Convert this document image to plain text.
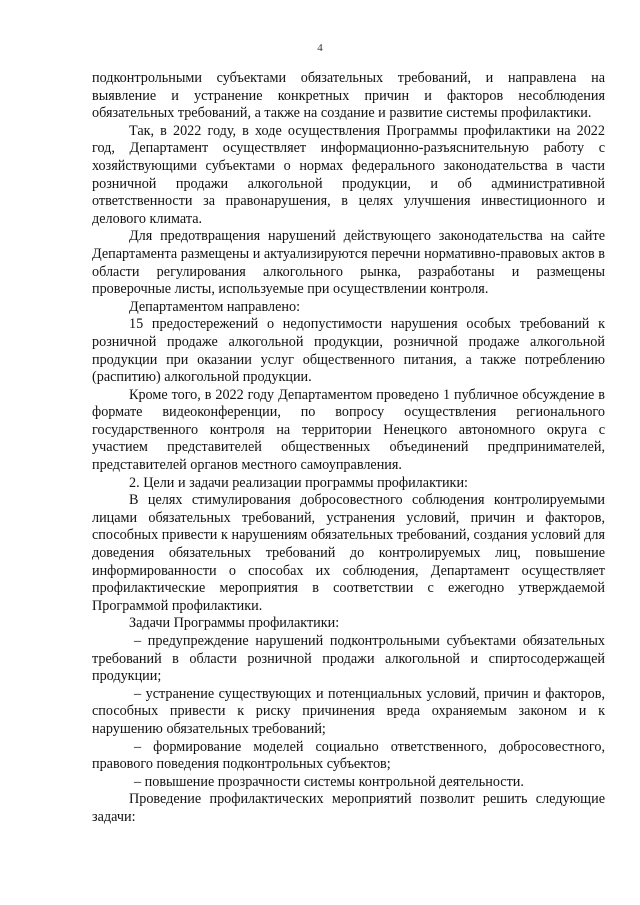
4

подконтрольными субъектами обязательных требований, и направлена на выявление и устранение конкретных причин и факторов несоблюдения обязательных требований, а также на создание и развитие системы профилактики.

Так, в 2022 году, в ходе осуществления Программы профилактики на 2022 год, Департамент осуществляет информационно-разъяснительную работу с хозяйствующими субъектами о нормах федерального законодательства в части розничной продажи алкогольной продукции, и об административной ответственности за правонарушения, в целях улучшения инвестиционного и делового климата.

Для предотвращения нарушений действующего законодательства на сайте Департамента размещены и актуализируются перечни нормативно-правовых актов в области регулирования алкогольного рынка, разработаны и размещены проверочные листы, используемые при осуществлении контроля.

Департаментом направлено:

15 предостережений о недопустимости нарушения особых требований к розничной продаже алкогольной продукции, розничной продаже алкогольной продукции при оказании услуг общественного питания, а также потреблению (распитию) алкогольной продукции.

Кроме того, в 2022 году Департаментом проведено 1 публичное обсуждение в формате видеоконференции, по вопросу осуществления регионального государственного контроля на территории Ненецкого автономного округа с участием представителей общественных объединений предпринимателей, представителей органов местного самоуправления.

2. Цели и задачи реализации программы профилактики:

В целях стимулирования добросовестного соблюдения контролируемыми лицами обязательных требований, устранения условий, причин и факторов, способных привести к нарушениям обязательных требований, создания условий для доведения обязательных требований до контролируемых лиц, повышение информированности о способах их соблюдения, Департамент осуществляет профилактические мероприятия в соответствии с ежегодно утверждаемой Программой профилактики.

Задачи Программы профилактики:

– предупреждение нарушений подконтрольными субъектами обязательных требований в области розничной продажи алкогольной и спиртосодержащей продукции;

– устранение существующих и потенциальных условий, причин и факторов, способных привести к риску причинения вреда охраняемым законом и к нарушению обязательных требований;

– формирование моделей социально ответственного, добросовестного, правового поведения подконтрольных субъектов;

– повышение прозрачности системы контрольной деятельности.

Проведение профилактических мероприятий позволит решить следующие задачи:
